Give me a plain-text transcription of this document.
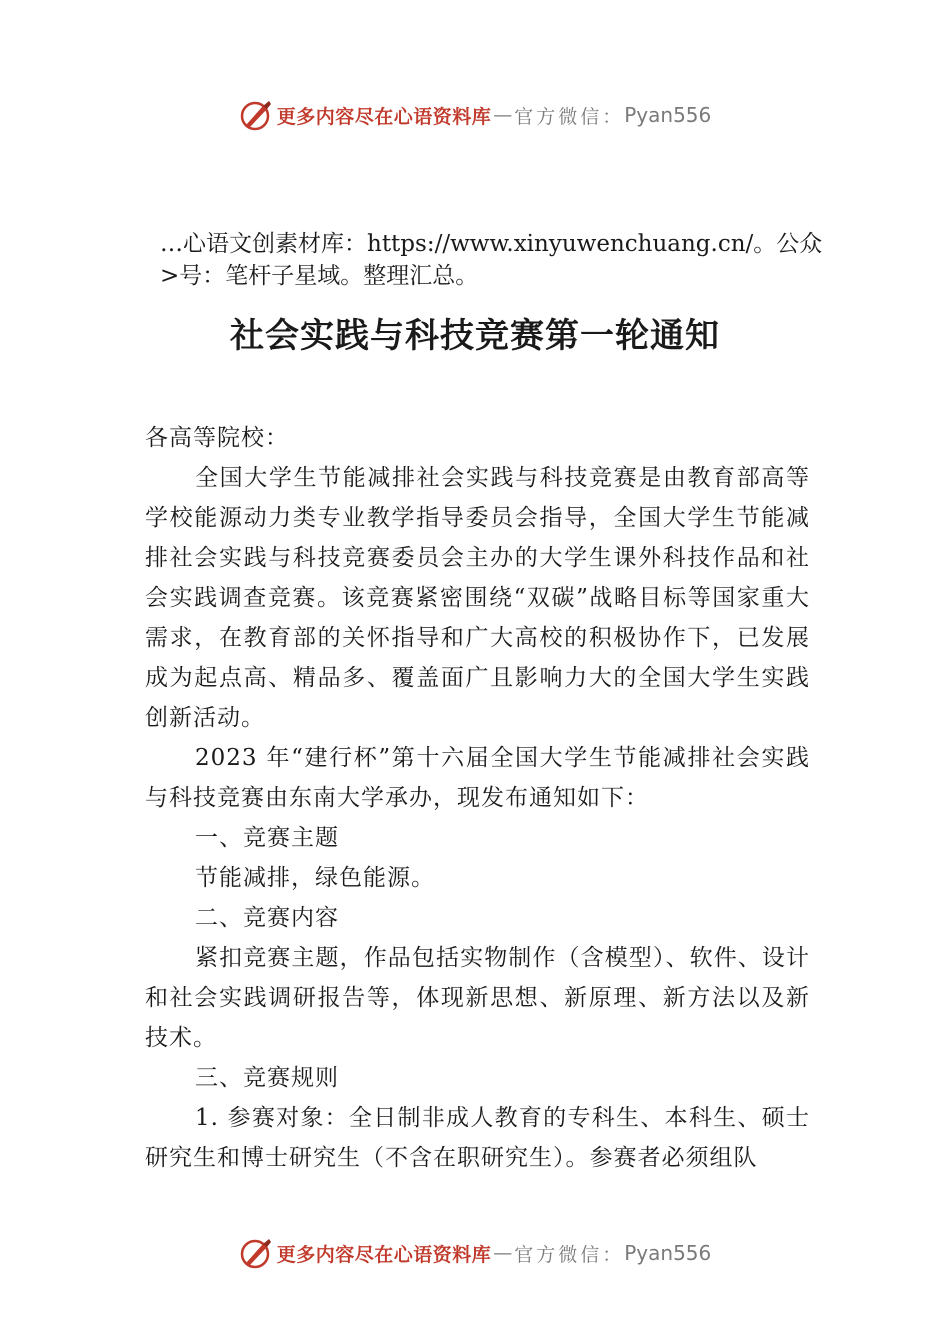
更多内容尽在心语资料库 — 官方微信： Pyan556
…心语文创素材库：https://www.xinyuwenchuang.cn/。公众>号：笔杆子星域。整理汇总。
社会实践与科技竞赛第一轮通知

各高等院校：

全国大学生节能减排社会实践与科技竞赛是由教育部高等学校能源动力类专业教学指导委员会指导，全国大学生节能减排社会实践与科技竞赛委员会主办的大学生课外科技作品和社会实践调查竞赛。该竞赛紧密围绕“双碳”战略目标等国家重大需求，在教育部的关怀指导和广大高校的积极协作下，已发展成为起点高、精品多、覆盖面广且影响力大的全国大学生实践创新活动。

2023 年“建行杯”第十六届全国大学生节能减排社会实践与科技竞赛由东南大学承办，现发布通知如下：

一、竞赛主题

节能减排，绿色能源。

二、竞赛内容

紧扣竞赛主题，作品包括实物制作（含模型）、软件、设计和社会实践调研报告等，体现新思想、新原理、新方法以及新技术。

三、竞赛规则

1. 参赛对象：全日制非成人教育的专科生、本科生、硕士研究生和博士研究生（不含在职研究生）。参赛者必须组队

更多内容尽在心语资料库 — 官方微信： Pyan556
